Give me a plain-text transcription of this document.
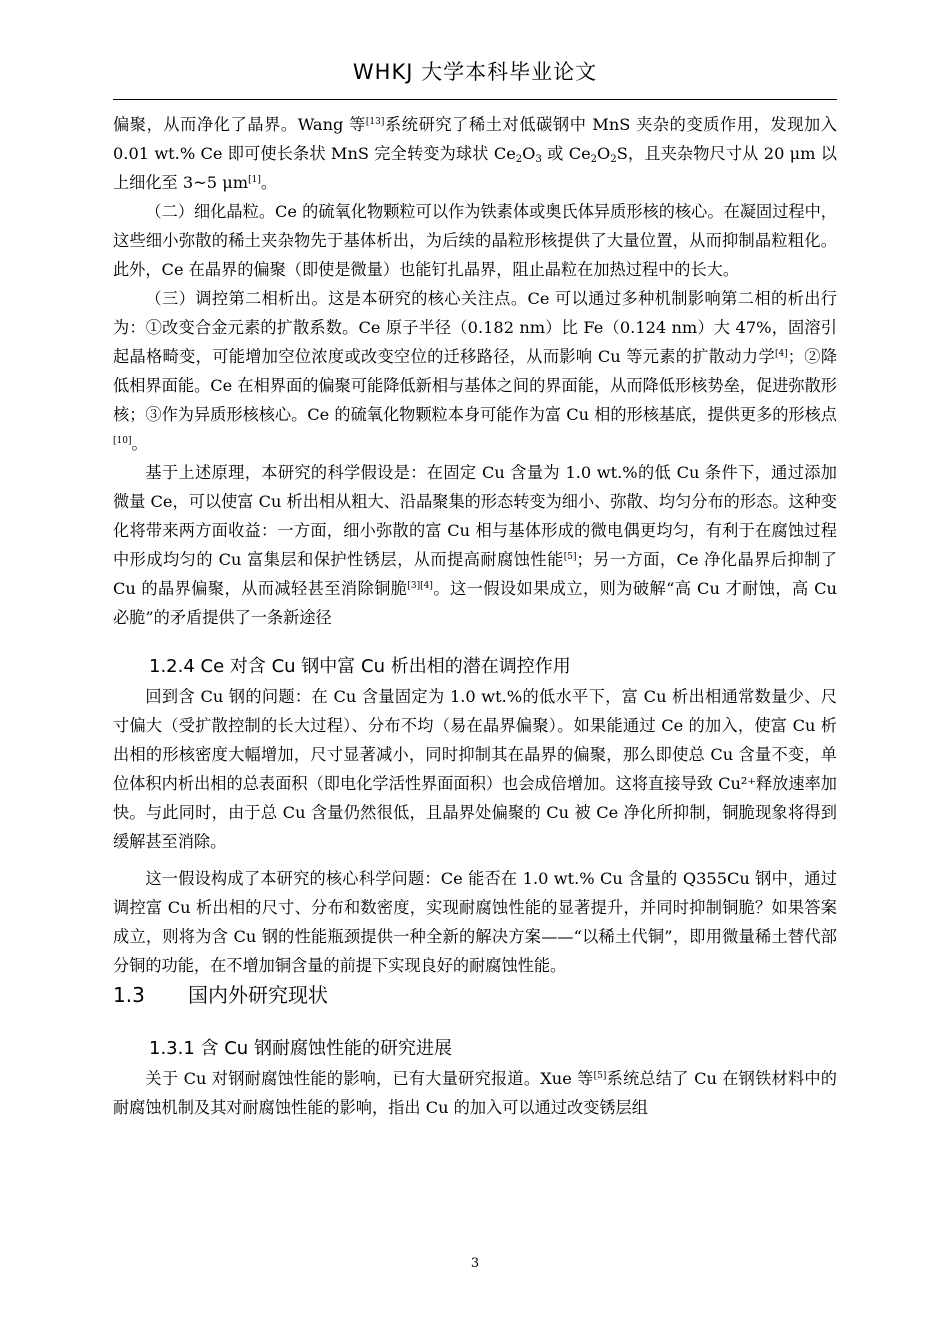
WHKJ 大学本科毕业论文

偏聚，从而净化了晶界。Wang 等[13]系统研究了稀土对低碳钢中 MnS 夹杂的变质作用，发现加入 0.01 wt.% Ce 即可使长条状 MnS 完全转变为球状 $Ce_2O_3$ 或 $Ce_2O_2S$，且夹杂物尺寸从 20 μm 以上细化至 3~5 μm[1]。

（二）细化晶粒。Ce 的硫氧化物颗粒可以作为铁素体或奥氏体异质形核的核心。在凝固过程中，这些细小弥散的稀土夹杂物先于基体析出，为后续的晶粒形核提供了大量位置，从而抑制晶粒粗化。此外，Ce 在晶界的偏聚（即使是微量）也能钉扎晶界，阻止晶粒在加热过程中的长大。

（三）调控第二相析出。这是本研究的核心关注点。Ce 可以通过多种机制影响第二相的析出行为：①改变合金元素的扩散系数。Ce 原子半径（0.182 nm）比 Fe（0.124 nm）大 47%，固溶引起晶格畸变，可能增加空位浓度或改变空位的迁移路径，从而影响 Cu 等元素的扩散动力学[4]；②降低相界面能。Ce 在相界面的偏聚可能降低新相与基体之间的界面能，从而降低形核势垒，促进弥散形核；③作为异质形核核心。Ce 的硫氧化物颗粒本身可能作为富 Cu 相的形核基底，提供更多的形核点[10]。

基于上述原理，本研究的科学假设是：在固定 Cu 含量为 1.0 wt.%的低 Cu 条件下，通过添加微量 Ce，可以使富 Cu 析出相从粗大、沿晶聚集的形态转变为细小、弥散、均匀分布的形态。这种变化将带来两方面收益：一方面，细小弥散的富 Cu 相与基体形成的微电偶更均匀，有利于在腐蚀过程中形成均匀的 Cu 富集层和保护性锈层，从而提高耐腐蚀性能[5]；另一方面，Ce 净化晶界后抑制了 Cu 的晶界偏聚，从而减轻甚至消除铜脆[3][4]。这一假设如果成立，则为破解“高 Cu 才耐蚀，高 Cu 必脆”的矛盾提供了一条新途径

1.2.4 Ce 对含 Cu 钢中富 Cu 析出相的潜在调控作用

回到含 Cu 钢的问题：在 Cu 含量固定为 1.0 wt.%的低水平下，富 Cu 析出相通常数量少、尺寸偏大（受扩散控制的长大过程）、分布不均（易在晶界偏聚）。如果能通过 Ce 的加入，使富 Cu 析出相的形核密度大幅增加，尺寸显著减小，同时抑制其在晶界的偏聚，那么即使总 Cu 含量不变，单位体积内析出相的总表面积（即电化学活性界面面积）也会成倍增加。这将直接导致 Cu²⁺释放速率加快。与此同时，由于总 Cu 含量仍然很低，且晶界处偏聚的 Cu 被 Ce 净化所抑制，铜脆现象将得到缓解甚至消除。

这一假设构成了本研究的核心科学问题：Ce 能否在 1.0 wt.% Cu 含量的 Q355Cu 钢中，通过调控富 Cu 析出相的尺寸、分布和数密度，实现耐腐蚀性能的显著提升，并同时抑制铜脆？如果答案成立，则将为含 Cu 钢的性能瓶颈提供一种全新的解决方案——“以稀土代铜”，即用微量稀土替代部分铜的功能，在不增加铜含量的前提下实现良好的耐腐蚀性能。

1.3 国内外研究现状
1.3.1 含 Cu 钢耐腐蚀性能的研究进展

关于 Cu 对钢耐腐蚀性能的影响，已有大量研究报道。Xue 等[5]系统总结了 Cu 在钢铁材料中的耐腐蚀机制及其对耐腐蚀性能的影响，指出 Cu 的加入可以通过改变锈层组

3
